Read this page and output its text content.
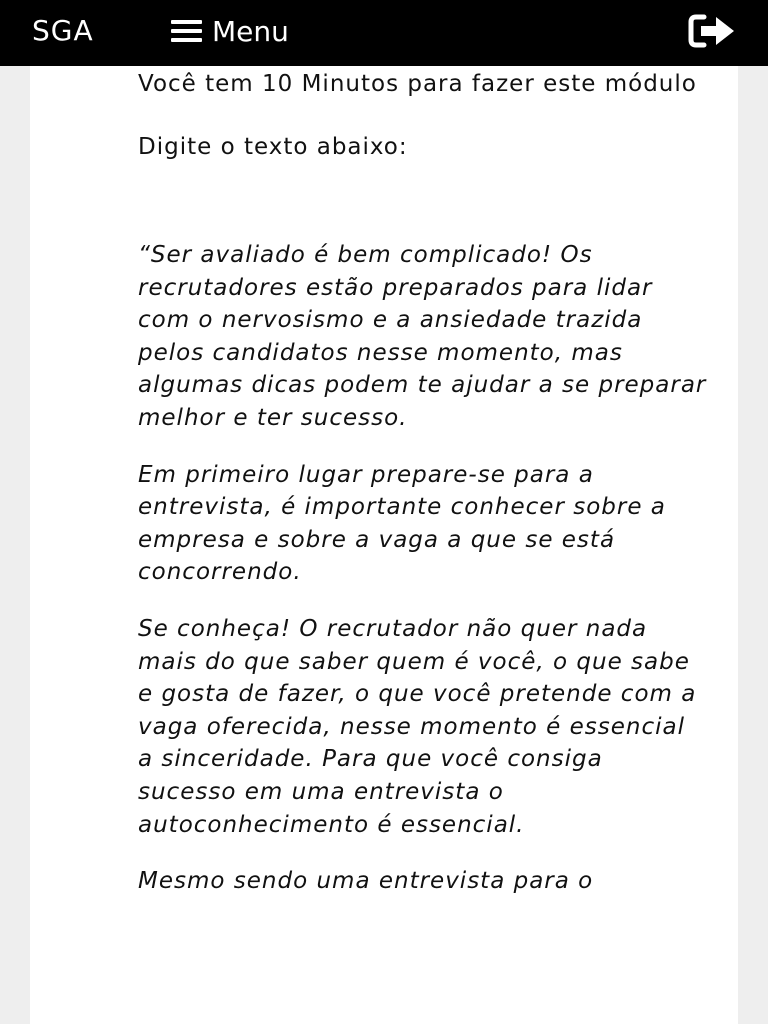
SGA	Menu

Você tem 10 Minutos para fazer este módulo

Digite o texto abaixo:

“Ser avaliado é bem complicado! Os recrutadores estão preparados para lidar com o nervosismo e a ansiedade trazida pelos candidatos nesse momento, mas algumas dicas podem te ajudar a se preparar melhor e ter sucesso.

Em primeiro lugar prepare-se para a entrevista, é importante conhecer sobre a empresa e sobre a vaga a que se está concorrendo.

Se conheça! O recrutador não quer nada mais do que saber quem é você, o que sabe e gosta de fazer, o que você pretende com a vaga oferecida, nesse momento é essencial a sinceridade. Para que você consiga sucesso em uma entrevista o autoconhecimento é essencial.

Mesmo sendo uma entrevista para o
